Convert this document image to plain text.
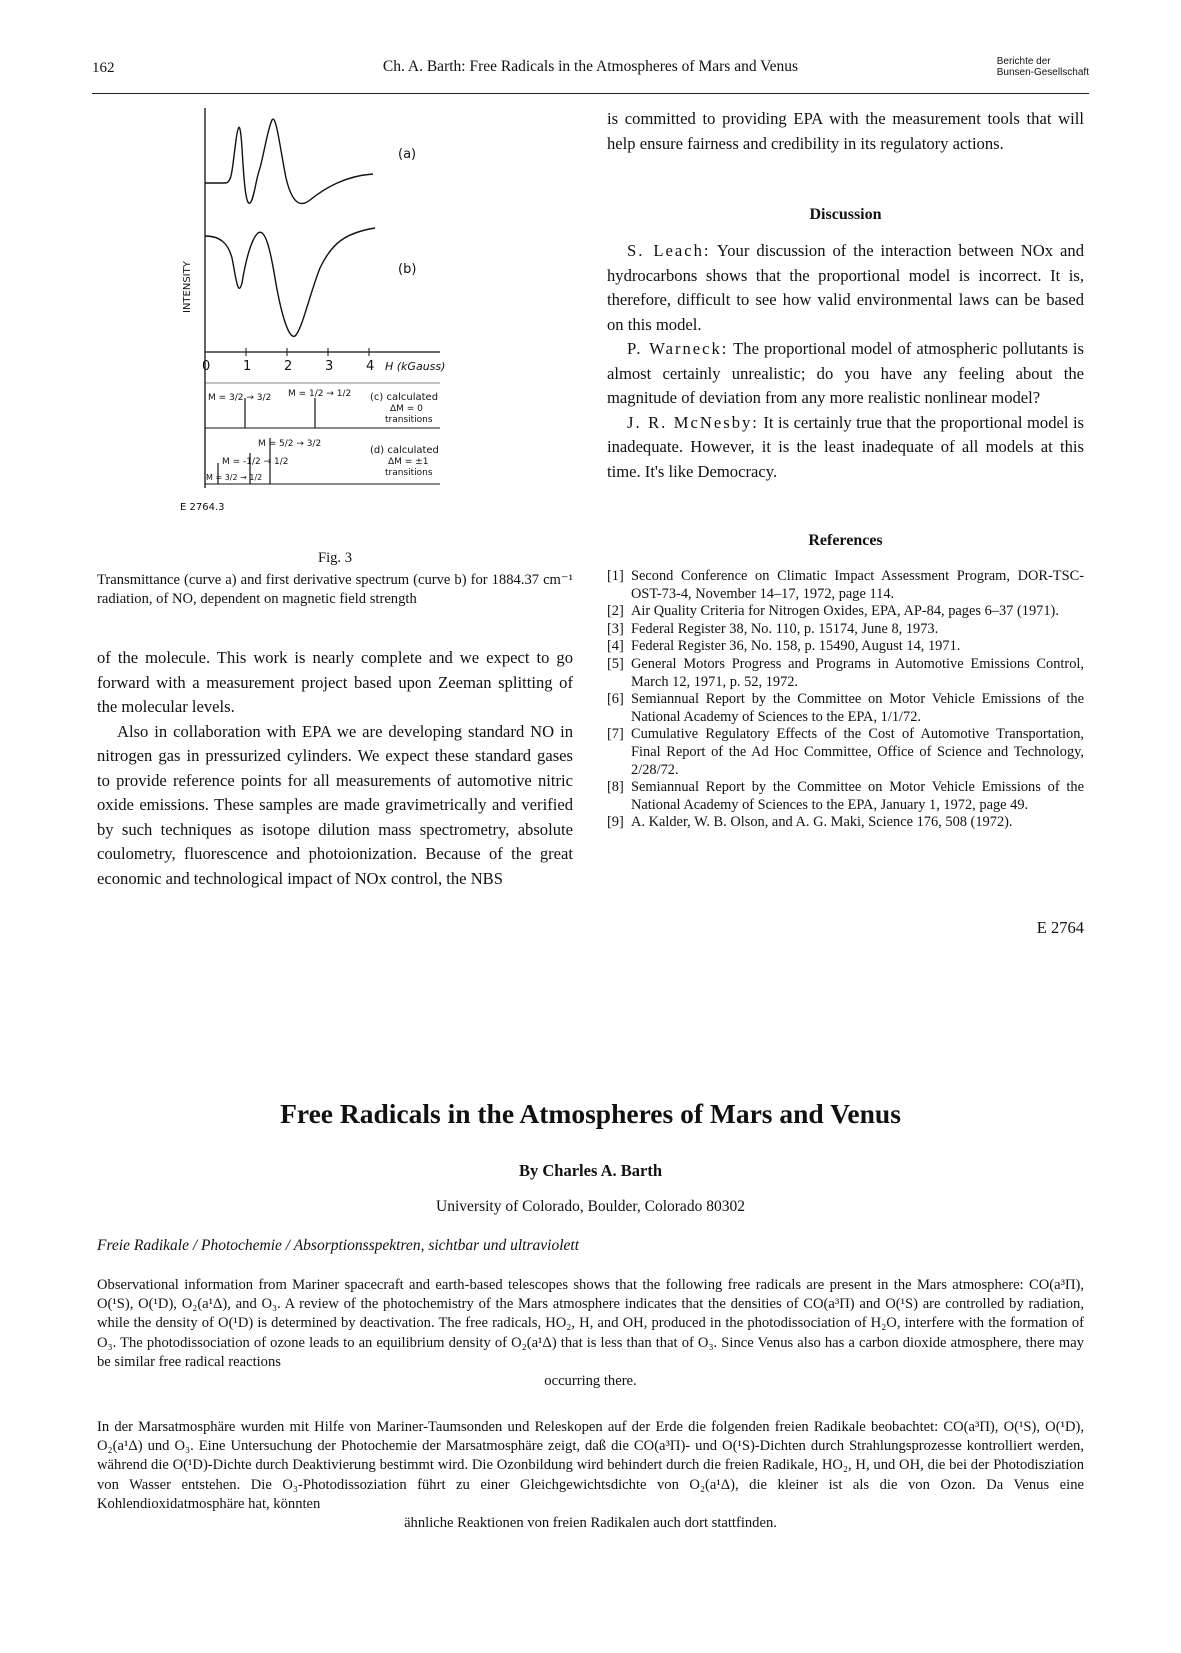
162	Ch. A. Barth: Free Radicals in the Atmospheres of Mars and Venus	Berichte der
Bunsen-Gesellschaft
0	1	2	3	4 H (kGauss)
(a)
(b)
INTENSITY
M = 3/2 → 3/2 M = 1/2 → 1/2 (c) calculated
ΔM = 0
transitions
M = 5/2 → 3/2
M = -1/2 → 1/2
M = 3/2 → 1/2
(d) calculated
ΔM = ±1
transitions
E 2764.3
Fig. 3
Transmittance (curve a) and first derivative spectrum (curve b) for 1884.37 cm⁻¹ radiation, of NO, dependent on magnetic field strength

of the molecule. This work is nearly complete and we expect to go forward with a measurement project based upon Zeeman splitting of the molecular levels.

Also in collaboration with EPA we are developing standard NO in nitrogen gas in pressurized cylinders. We expect these standard gases to provide reference points for all measurements of automotive nitric oxide emissions. These samples are made gravimetrically and verified by such techniques as isotope dilution mass spectrometry, absolute coulometry, fluorescence and photoionization. Because of the great economic and technological impact of NOx control, the NBS

is committed to providing EPA with the measurement tools that will help ensure fairness and credibility in its regulatory actions.
Discussion

S. Leach: Your discussion of the interaction between NOx and hydrocarbons shows that the proportional model is incorrect. It is, therefore, difficult to see how valid environmental laws can be based on this model.

P. Warneck: The proportional model of atmospheric pollutants is almost certainly unrealistic; do you have any feeling about the magnitude of deviation from any more realistic nonlinear model?

J. R. McNesby: It is certainly true that the proportional model is inadequate. However, it is the least inadequate of all models at this time. It's like Democracy.

References
[1] Second Conference on Climatic Impact Assessment Program, DOR-TSC-OST-73-4, November 14–17, 1972, page 114.
[2] Air Quality Criteria for Nitrogen Oxides, EPA, AP-84, pages 6–37 (1971).
[3] Federal Register 38, No. 110, p. 15174, June 8, 1973.
[4] Federal Register 36, No. 158, p. 15490, August 14, 1971.
[5] General Motors Progress and Programs in Automotive Emissions Control, March 12, 1971, p. 52, 1972.
[6] Semiannual Report by the Committee on Motor Vehicle Emissions of the National Academy of Sciences to the EPA, 1/1/72.
[7] Cumulative Regulatory Effects of the Cost of Automotive Transportation, Final Report of the Ad Hoc Committee, Office of Science and Technology, 2/28/72.
[8] Semiannual Report by the Committee on Motor Vehicle Emissions of the National Academy of Sciences to the EPA, January 1, 1972, page 49.
[9] A. Kalder, W. B. Olson, and A. G. Maki, Science 176, 508 (1972).
E 2764
Free Radicals in the Atmospheres of Mars and Venus
By Charles A. Barth
University of Colorado, Boulder, Colorado 80302
Freie Radikale / Photochemie / Absorptionsspektren, sichtbar und ultraviolett
Observational information from Mariner spacecraft and earth-based telescopes shows that the following free radicals are present in the Mars atmosphere: CO(a³Π), O(¹S), O(¹D), O₂(a¹Δ), and O₃. A review of the photochemistry of the Mars atmosphere indicates that the densities of CO(a³Π) and O(¹S) are controlled by radiation, while the density of O(¹D) is determined by deactivation. The free radicals, HO₂, H, and OH, produced in the photodissociation of H₂O, interfere with the formation of O₃. The photodissociation of ozone leads to an equilibrium density of O₂(a¹Δ) that is less than that of O₃. Since Venus also has a carbon dioxide atmosphere, there may be similar free radical reactions
occurring there.
In der Marsatmosphäre wurden mit Hilfe von Mariner-Taumsonden und Releskopen auf der Erde die folgenden freien Radikale beobachtet: CO(a³Π), O(¹S), O(¹D), O₂(a¹Δ) und O₃. Eine Untersuchung der Photochemie der Marsatmosphäre zeigt, daß die CO(a³Π)- und O(¹S)-Dichten durch Strahlungsprozesse kontrolliert werden, während die O(¹D)-Dichte durch Deaktivierung bestimmt wird. Die Ozonbildung wird behindert durch die freien Radikale, HO₂, H, und OH, die bei der Photodisziation von Wasser entstehen. Die O₃-Photodissoziation führt zu einer Gleichgewichtsdichte von O₂(a¹Δ), die kleiner ist als die von Ozon. Da Venus eine Kohlendioxidatmosphäre hat, könnten
ähnliche Reaktionen von freien Radikalen auch dort stattfinden.
